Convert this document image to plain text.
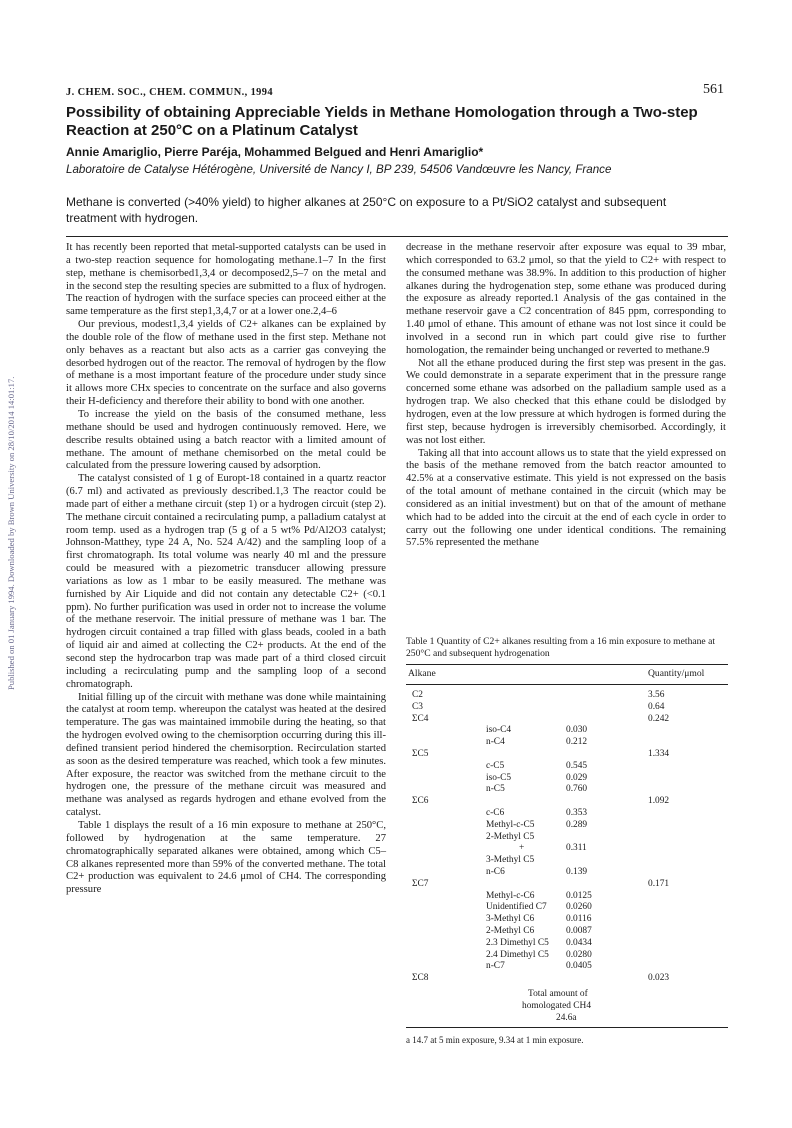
Published on 01 January 1994. Downloaded by Brown University on 28/10/2014 14:01:17.
J. CHEM. SOC., CHEM. COMMUN., 1994	561
Possibility of obtaining Appreciable Yields in Methane Homologation through a Two-step Reaction at 250°C on a Platinum Catalyst
Annie Amariglio, Pierre Paréja, Mohammed Belgued and Henri Amariglio*
Laboratoire de Catalyse Hétérogène, Université de Nancy I, BP 239, 54506 Vandœuvre les Nancy, France
Methane is converted (>40% yield) to higher alkanes at 250°C on exposure to a Pt/SiO2 catalyst and subsequent treatment with hydrogen.

It has recently been reported that metal-supported catalysts can be used in a two-step reaction sequence for homologating methane.1–7 In the first step, methane is chemisorbed1,3,4 or decomposed2,5–7 on the metal and in the second step the resulting species are submitted to a flux of hydrogen. The reaction of hydrogen with the surface species can proceed either at the same temperature as the first step1,3,4,7 or at a lower one.2,4–6

Our previous, modest1,3,4 yields of C2+ alkanes can be explained by the double role of the flow of methane used in the first step. Methane not only behaves as a reactant but also acts as a carrier gas conveying the desorbed hydrogen out of the reactor. The removal of hydrogen by the flow of methane is a most important feature of the procedure under study since it allows more CHx species to concentrate on the surface and also governs their H-deficiency and therefore their ability to bond with one another.

To increase the yield on the basis of the consumed methane, less methane should be used and hydrogen continuously removed. Here, we describe results obtained using a batch reactor with a limited amount of methane. The amount of methane chemisorbed on the metal could be calculated from the pressure lowering caused by adsorption.

The catalyst consisted of 1 g of Europt-18 contained in a quartz reactor (6.7 ml) and activated as previously described.1,3 The reactor could be made part of either a methane circuit (step 1) or a hydrogen circuit (step 2). The methane circuit contained a recirculating pump, a palladium catalyst at room temp. used as a hydrogen trap (5 g of a 5 wt% Pd/Al2O3 catalyst; Johnson-Matthey, type 24 A, No. 524 A/42) and the sampling loop of a first chromatograph. Its total volume was nearly 40 ml and the pressure could be measured with a piezometric transducer allowing pressure variations as low as 1 mbar to be easily measured. The methane was furnished by Air Liquide and did not contain any detectable C2+ (<0.1 ppm). No further purification was used in order not to increase the volume of the methane reservoir. The initial pressure of methane was 1 bar. The hydrogen circuit contained a trap filled with glass beads, cooled in a bath of liquid air and aimed at collecting the C2+ products. At the end of the second step the hydrocarbon trap was made part of a third closed circuit including a recirculating pump and the sampling loop of a second chromatograph.

Initial filling up of the circuit with methane was done while maintaining the catalyst at room temp. whereupon the catalyst was heated at the desired temperature. The gas was maintained immobile during the heating, so that the hydrogen evolved owing to the chemisorption occurring during this ill-defined transient period hindered the chemisorption. Recirculation started as soon as the desired temperature was reached, which took a few minutes. After exposure, the reactor was switched from the methane circuit to the hydrogen one, the pressure of the methane circuit was measured and methane was analysed as regards hydrogen and ethane evolved from the catalyst.

Table 1 displays the result of a 16 min exposure to methane at 250°C, followed by hydrogenation at the same temperature. 27 chromatographically separated alkanes were obtained, among which C5–C8 alkanes represented more than 59% of the converted methane. The total C2+ production was equivalent to 24.6 μmol of CH4. The corresponding pressure

decrease in the methane reservoir after exposure was equal to 39 mbar, which corresponded to 63.2 μmol, so that the yield to C2+ with respect to the consumed methane was 38.9%. In addition to this production of higher alkanes during the hydrogenation step, some ethane was produced during the exposure as already reported.1 Analysis of the gas contained in the methane reservoir gave a C2 concentration of 845 ppm, corresponding to 1.40 μmol of ethane. This amount of ethane was not lost since it could be involved in a second run in which part could give rise to further homologation, the remainder being unchanged or reverted to methane.9

Not all the ethane produced during the first step was present in the gas. We could demonstrate in a separate experiment that in the pressure range concerned some ethane was adsorbed on the palladium sample used as a hydrogen trap. We also checked that this ethane could be dislodged by hydrogen, even at the low pressure at which hydrogen is formed during the first step, because hydrogen is irreversibly chemisorbed. Accordingly, it was not lost either.

Taking all that into account allows us to state that the yield expressed on the basis of the methane removed from the batch reactor amounted to 42.5% at a conservative estimate. This yield is not expressed on the basis of the total amount of methane contained in the circuit (which may be considered as an initial investment) but on that of the amount of methane which had to be added into the circuit at the end of each cycle in order to carry out the following one under identical conditions. The remaining 57.5% represented the methane

Table 1 Quantity of C2+ alkanes resulting from a 16 min exposure to methane at 250°C and subsequent hydrogenation
Alkane	Quantity/μmol
C2	3.56
C3	0.64
ΣC4	0.242
iso-C4	0.030
n-C4	0.212
ΣC5	1.334
c-C5	0.545
iso-C5	0.029
n-C5	0.760
ΣC6	1.092
c-C6	0.353
Methyl-c-C5	0.289
2-Methyl C5
+	0.311
3-Methyl C5
n-C6	0.139
ΣC7	0.171
Methyl-c-C6	0.0125
Unidentified C7 0.0260
3-Methyl C6	0.0116
2-Methyl C6	0.0087
2.3 Dimethyl C5 0.0434
2.4 Dimethyl C5 0.0280
n-C7	0.0405
ΣC8	0.023
Total amount of
homologated CH4
24.6a
a 14.7 at 5 min exposure, 9.34 at 1 min exposure.
